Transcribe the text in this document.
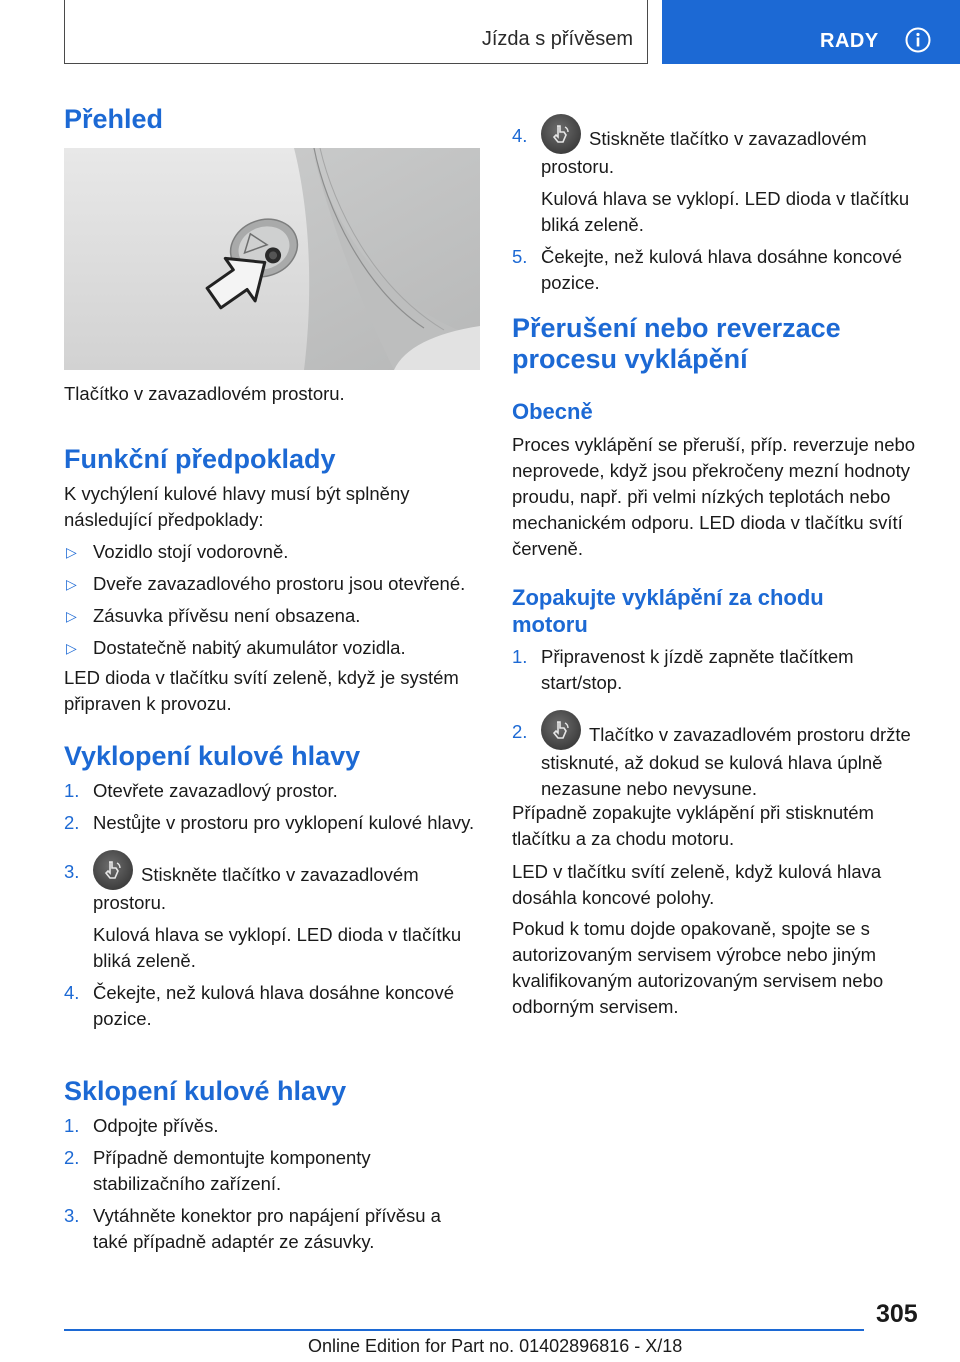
Jízda s přívěsem	RADY
Přehled

Tlačítko v zavazadlovém prostoru.

Funkční předpoklady

K vychýlení kulové hlavy musí být splněny následující předpoklady:

▷ Vozidlo stojí vodorovně.
▷ Dveře zavazadlového prostoru jsou otevřené.
▷ Zásuvka přívěsu není obsazena.
▷ Dostatečně nabitý akumulátor vozidla.

LED dioda v tlačítku svítí zeleně, když je systém připraven k provozu.

Vyklopení kulové hlavy
1. Otevřete zavazadlový prostor.
2. Nestůjte v prostoru pro vyklopení kulové hlavy.
3.	Stiskněte tlačítko v zavazadlovém prostoru.
Kulová hlava se vyklopí. LED dioda v tlačítku bliká zeleně.
4. Čekejte, než kulová hlava dosáhne koncové pozice.
Sklopení kulové hlavy
1. Odpojte přívěs.
2. Případně demontujte komponenty stabilizačního zařízení.
3. Vytáhněte konektor pro napájení přívěsu a také případně adaptér ze zásuvky.
4.	Stiskněte tlačítko v zavazadlovém prostoru.
Kulová hlava se vyklopí. LED dioda v tlačítku bliká zeleně.
5. Čekejte, než kulová hlava dosáhne koncové pozice.
Přerušení nebo reverzace
procesu vyklápění
Obecně

Proces vyklápění se přeruší, příp. reverzuje nebo neprovede, když jsou překročeny mezní hodnoty proudu, např. při velmi nízkých teplotách nebo mechanickém odporu. LED dioda v tlačítku svítí červeně.

Zopakujte vyklápění za chodu
motoru
1. Připravenost k jízdě zapněte tlačítkem start/stop.
2.	Tlačítko v zavazadlovém prostoru držte stisknuté, až dokud se kulová hlava úplně nezasune nebo nevysune.

Případně zopakujte vyklápění při stisknutém tlačítku a za chodu motoru.

LED v tlačítku svítí zeleně, když kulová hlava dosáhla koncové polohy.

Pokud k tomu dojde opakovaně, spojte se s autorizovaným servisem výrobce nebo jiným kvalifikovaným autorizovaným servisem nebo odborným servisem.

305
Online Edition for Part no. 01402896816 - X/18
